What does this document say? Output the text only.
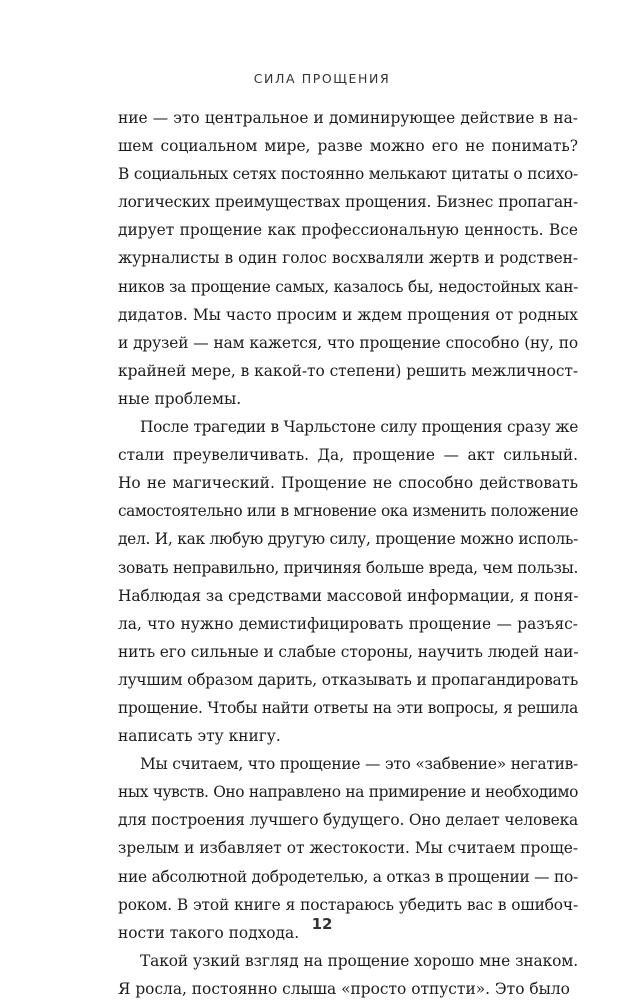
СИЛА ПРОЩЕНИЯ
ние — это центральное и доминирующее действие в на-
шем социальном мире, разве можно его не понимать?
В социальных сетях постоянно мелькают цитаты о психо-
логических преимуществах прощения. Бизнес пропаган-
дирует прощение как профессиональную ценность. Все
журналисты в один голос восхваляли жертв и родствен-
ников за прощение самых, казалось бы, недостойных кан-
дидатов. Мы часто просим и ждем прощения от родных
и друзей — нам кажется, что прощение способно (ну, по
крайней мере, в какой-то степени) решить межличност-
ные проблемы.
После трагедии в Чарльстоне силу прощения сразу же
стали преувеличивать. Да, прощение — акт сильный.
Но не магический. Прощение не способно действовать
самостоятельно или в мгновение ока изменить положение
дел. И, как любую другую силу, прощение можно исполь-
зовать неправильно, причиняя больше вреда, чем пользы.
Наблюдая за средствами массовой информации, я поня-
ла, что нужно демистифицировать прощение — разъяс-
нить его сильные и слабые стороны, научить людей наи-
лучшим образом дарить, отказывать и пропагандировать
прощение. Чтобы найти ответы на эти вопросы, я решила
написать эту книгу.
Мы считаем, что прощение — это «забвение» негатив-
ных чувств. Оно направлено на примирение и необходимо
для построения лучшего будущего. Оно делает человека
зрелым и избавляет от жестокости. Мы считаем проще-
ние абсолютной добродетелью, а отказ в прощении — по-
роком. В этой книге я постараюсь убедить вас в ошибоч-
ности такого подхода.
Такой узкий взгляд на прощение хорошо мне знаком.
Я росла, постоянно слыша «просто отпусти». Это было
12
